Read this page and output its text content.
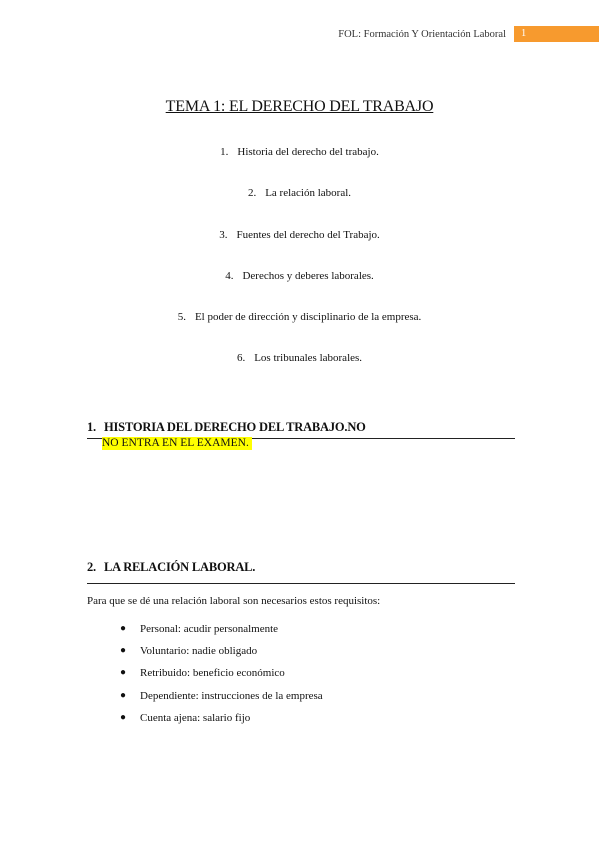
FOL: Formación Y Orientación Laboral	1
TEMA 1: EL DERECHO DEL TRABAJO
1. Historia del derecho del trabajo.
2. La relación laboral.
3. Fuentes del derecho del Trabajo.
4. Derechos y deberes laborales.
5. El poder de dirección y disciplinario de la empresa.
6. Los tribunales laborales.
1. HISTORIA DEL DERECHO DEL TRABAJO.NO
NO ENTRA EN EL EXAMEN.
2. LA RELACIÓN LABORAL.
Para que se dé una relación laboral son necesarios estos requisitos:
●	Personal: acudir personalmente
●	Voluntario: nadie obligado
●	Retribuido: beneficio económico
●	Dependiente: instrucciones de la empresa
●	Cuenta ajena: salario fijo
